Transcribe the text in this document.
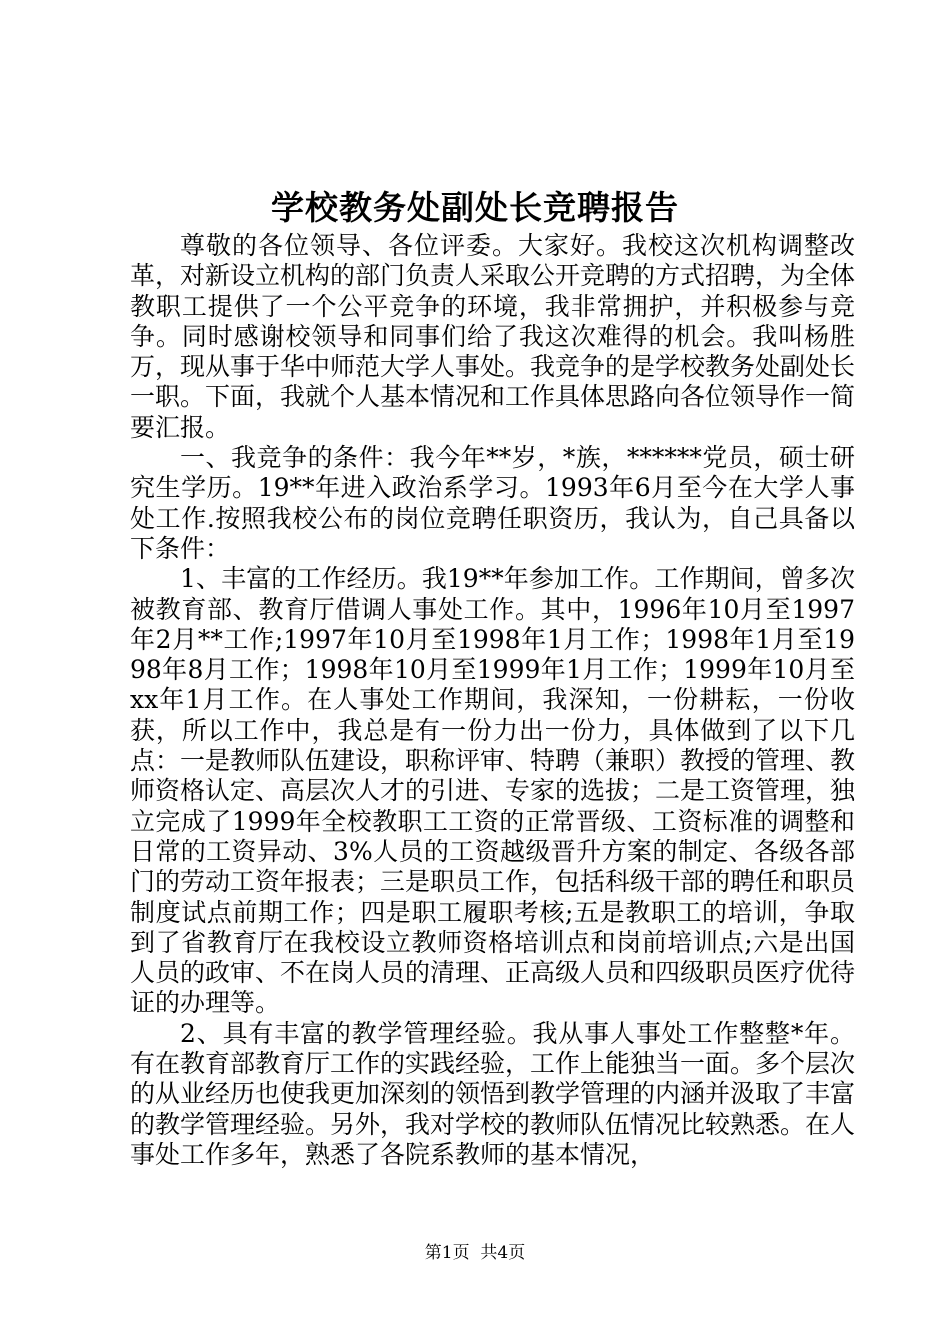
学校教务处副处长竞聘报告

尊敬的各位领导、各位评委。大家好。我校这次机构调整改革，对新设立机构的部门负责人采取公开竞聘的方式招聘，为全体教职工提供了一个公平竞争的环境，我非常拥护，并积极参与竞争。同时感谢校领导和同事们给了我这次难得的机会。我叫杨胜万，现从事于华中师范大学人事处。我竞争的是学校教务处副处长一职。下面，我就个人基本情况和工作具体思路向各位领导作一简要汇报。

一、我竞争的条件：我今年**岁，*族，******党员，硕士研究生学历。19**年进入政治系学习。1993年6月至今在大学人事处工作.按照我校公布的岗位竞聘任职资历，我认为，自己具备以下条件：

1、丰富的工作经历。我19**年参加工作。工作期间，曾多次被教育部、教育厅借调人事处工作。其中，1996年10月至1997年2月**工作;1997年10月至1998年1月工作；1998年1月至1998年8月工作；1998年10月至1999年1月工作；1999年10月至xx年1月工作。在人事处工作期间，我深知，一份耕耘，一份收获，所以工作中，我总是有一份力出一份力，具体做到了以下几点：一是教师队伍建设，职称评审、特聘（兼职）教授的管理、教师资格认定、高层次人才的引进、专家的选拔；二是工资管理，独立完成了1999年全校教职工工资的正常晋级、工资标准的调整和日常的工资异动、3%人员的工资越级晋升方案的制定、各级各部门的劳动工资年报表；三是职员工作，包括科级干部的聘任和职员制度试点前期工作；四是职工履职考核;五是教职工的培训，争取到了省教育厅在我校设立教师资格培训点和岗前培训点;六是出国人员的政审、不在岗人员的清理、正高级人员和四级职员医疗优待证的办理等。

2、具有丰富的教学管理经验。我从事人事处工作整整*年。有在教育部教育厅工作的实践经验，工作上能独当一面。多个层次的从业经历也使我更加深刻的领悟到教学管理的内涵并汲取了丰富的教学管理经验。另外，我对学校的教师队伍情况比较熟悉。在人事处工作多年，熟悉了各院系教师的基本情况，

第1页 共4页
